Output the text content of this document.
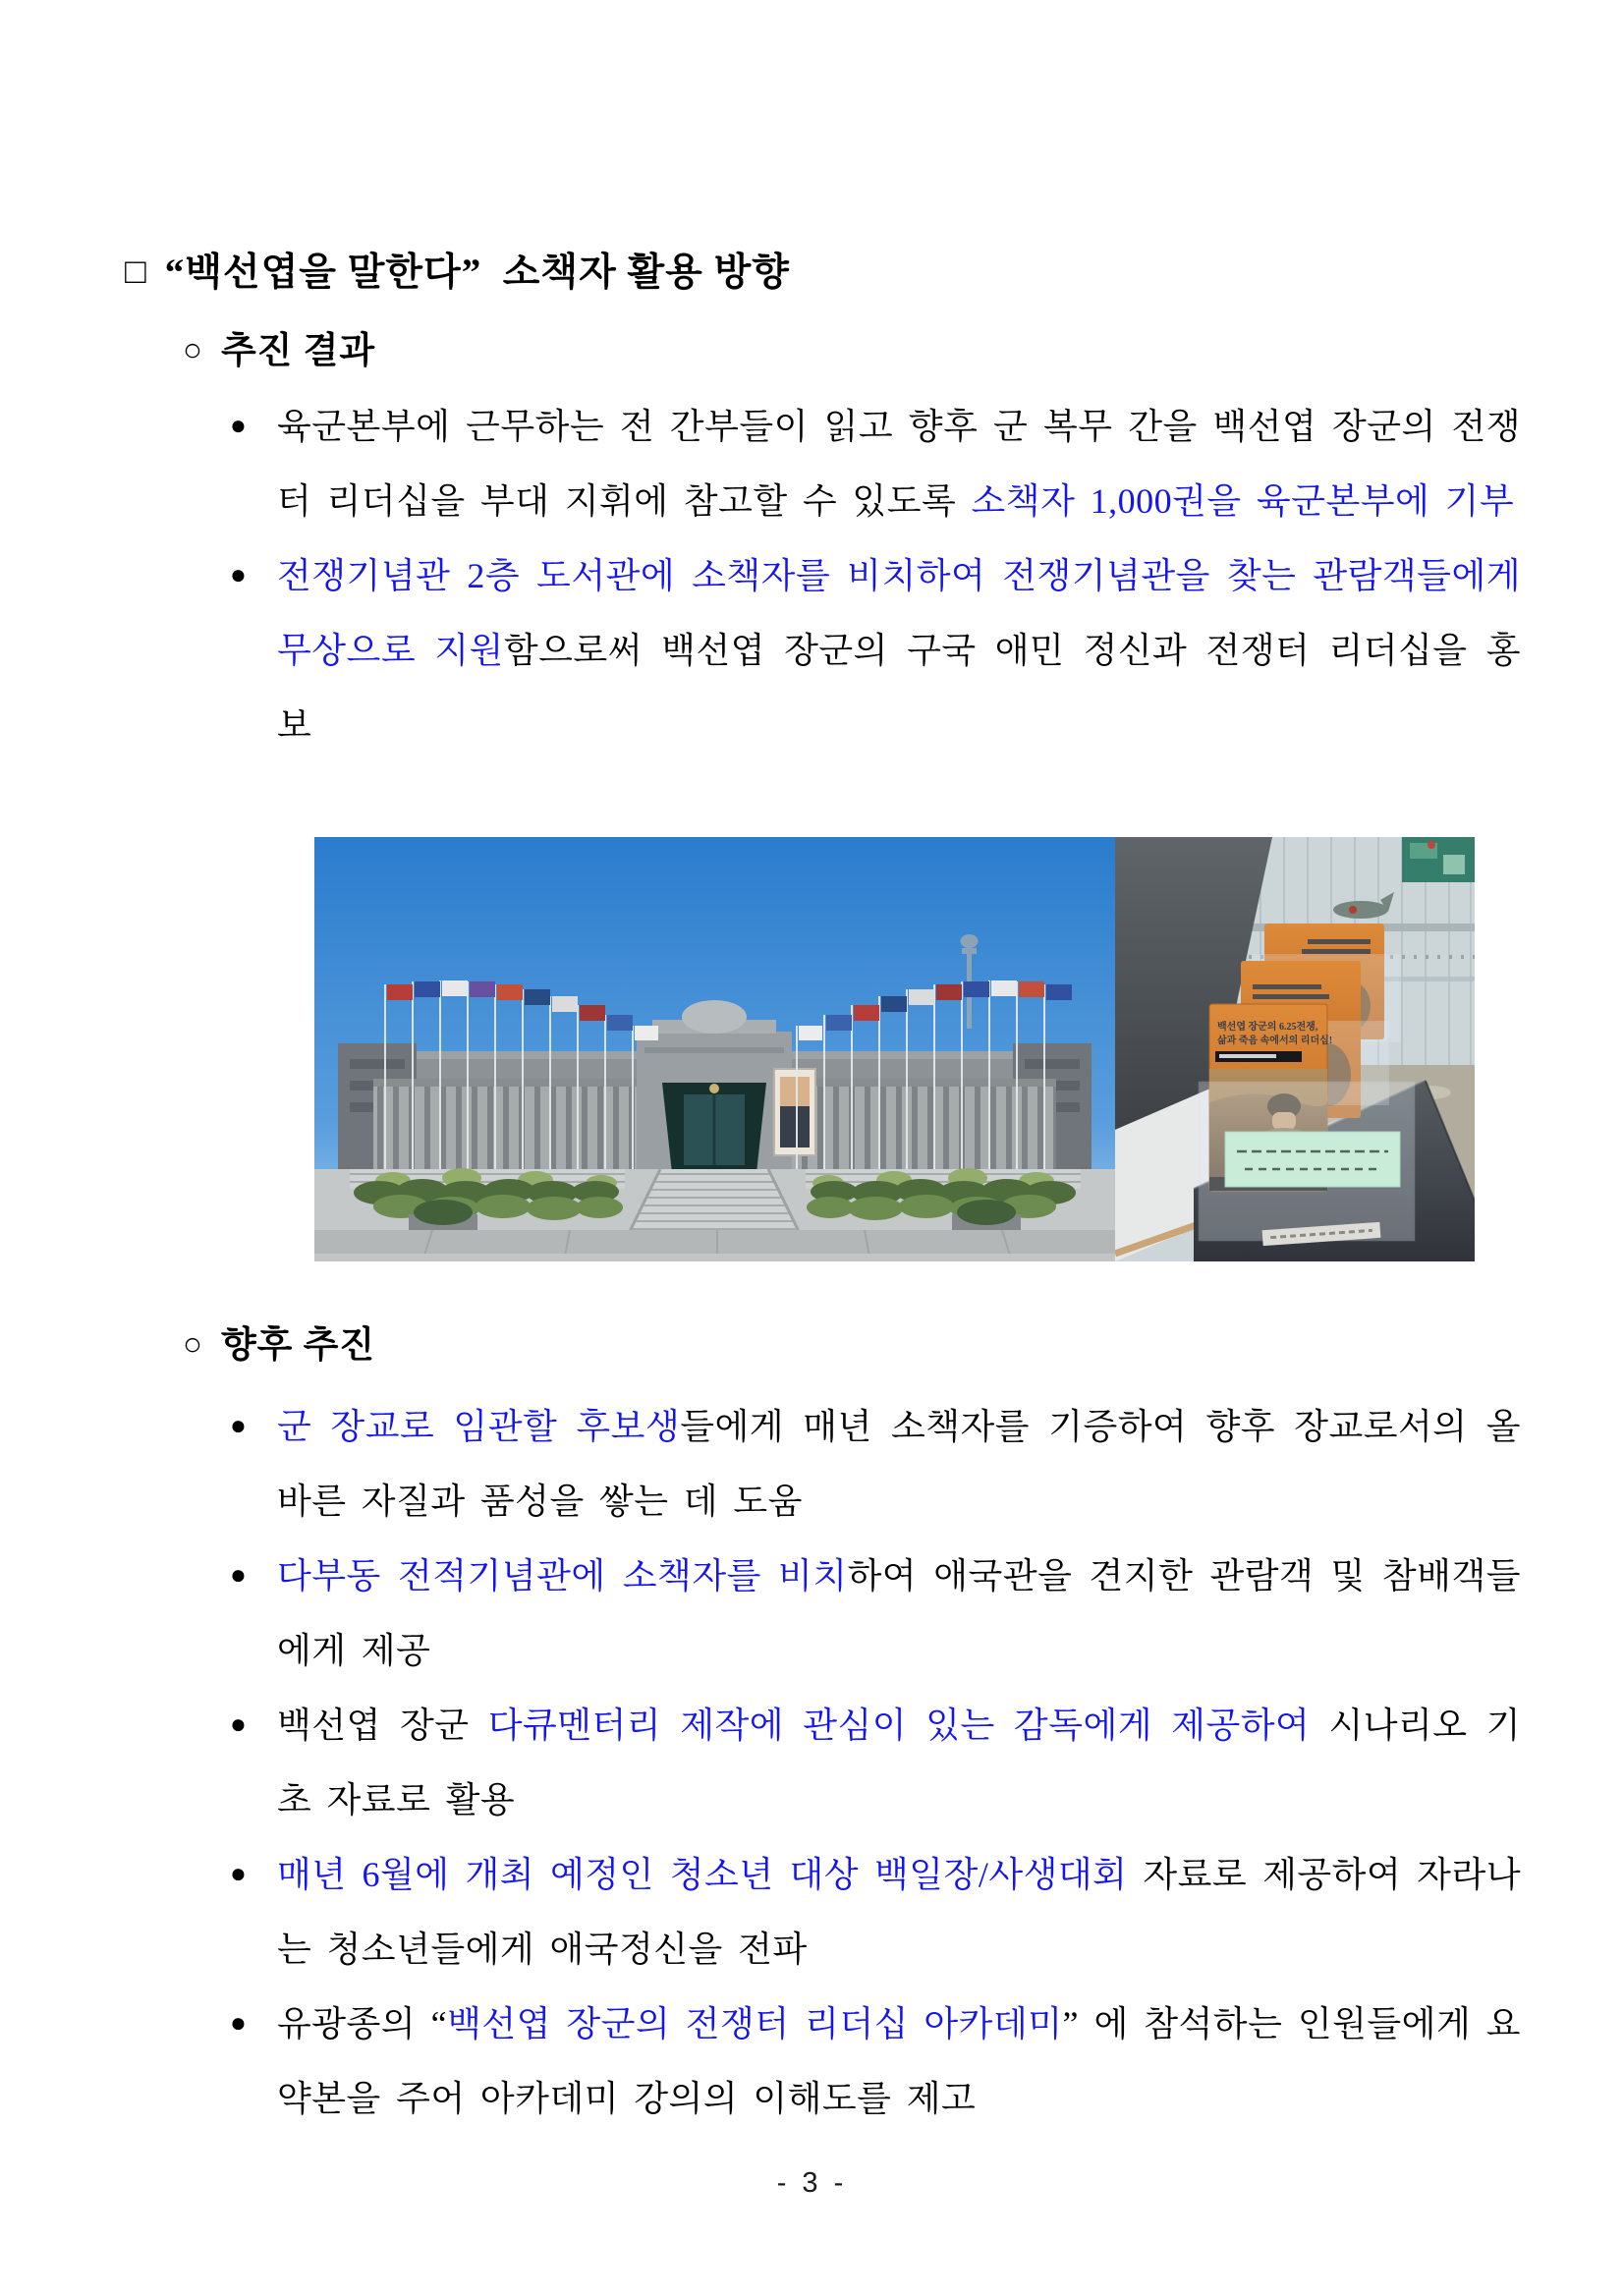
□ “백선엽을 말한다”  소책자 활용 방향
○ 추진 결과
● 육군본부에 근무하는 전 간부들이 읽고 향후 군 복무 간을 백선엽 장군의 전쟁터 리더십을 부대 지휘에 참고할 수 있도록 소책자 1,000권을 육군본부에 기부
● 전쟁기념관 2층 도서관에 소책자를 비치하여 전쟁기념관을 찾는 관람객들에게 무상으로 지원함으로써 백선엽 장군의 구국 애민 정신과 전쟁터 리더십을 홍보
백선엽 장군의 6.25전쟁,
삶과 죽음 속에서의 리더십!
○ 향후 추진
● 군 장교로 임관할 후보생들에게 매년 소책자를 기증하여 향후 장교로서의 올바른 자질과 품성을 쌓는 데 도움
● 다부동 전적기념관에 소책자를 비치하여 애국관을 견지한 관람객 및 참배객들에게 제공
● 백선엽 장군 다큐멘터리 제작에 관심이 있는 감독에게 제공하여 시나리오 기초 자료로 활용
● 매년 6월에 개최 예정인 청소년 대상 백일장/사생대회 자료로 제공하여 자라나는 청소년들에게 애국정신을 전파
● 유광종의 “백선엽 장군의 전쟁터 리더십 아카데미” 에 참석하는 인원들에게 요약본을 주어 아카데미 강의의 이해도를 제고
- 3 -
